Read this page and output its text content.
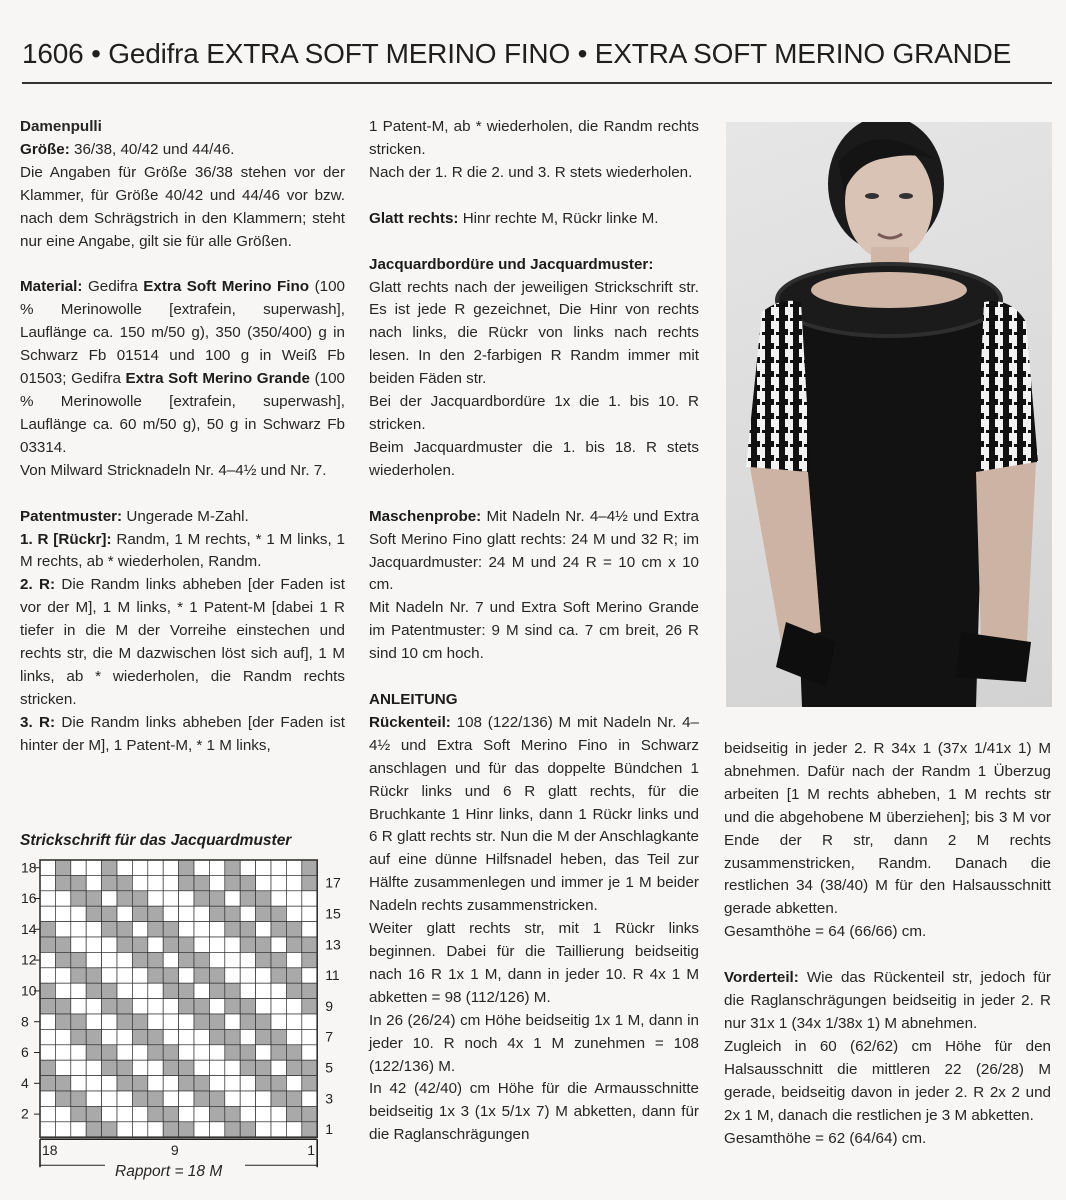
1606 • Gedifra EXTRA SOFT MERINO FINO • EXTRA SOFT MERINO GRANDE

Damenpulli

Größe: 36/38, 40/42 und 44/46.

Die Angaben für Größe 36/38 stehen vor der Klammer, für Größe 40/42 und 44/46 vor bzw. nach dem Schrägstrich in den Klammern; steht nur eine Angabe, gilt sie für alle Größen.

Material: Gedifra Extra Soft Merino Fino (100 % Merinowolle [extrafein, superwash], Lauflänge ca. 150 m/50 g), 350 (350/400) g in Schwarz Fb 01514 und 100 g in Weiß Fb 01503; Gedifra Extra Soft Merino Grande (100 % Merinowolle [extrafein, superwash], Lauflänge ca. 60 m/50 g), 50 g in Schwarz Fb 03314.

Von Milward Stricknadeln Nr. 4–4½ und Nr. 7.

Patentmuster: Ungerade M-Zahl.

1. R [Rückr]: Randm, 1 M rechts, * 1 M links, 1 M rechts, ab * wiederholen, Randm.

2. R: Die Randm links abheben [der Faden ist vor der M], 1 M links, * 1 Patent-M [dabei 1 R tiefer in die M der Vorreihe einstechen und rechts str, die M dazwischen löst sich auf], 1 M links, ab * wiederholen, die Randm rechts stricken.

3. R: Die Randm links abheben [der Faden ist hinter der M], 1 Patent-M, * 1 M links,

1 Patent-M, ab * wiederholen, die Randm rechts stricken.

Nach der 1. R die 2. und 3. R stets wiederholen.

Glatt rechts: Hinr rechte M, Rückr linke M.

Jacquardbordüre und Jacquardmuster:

Glatt rechts nach der jeweiligen Strickschrift str. Es ist jede R gezeichnet, Die Hinr von rechts nach links, die Rückr von links nach rechts lesen. In den 2-farbigen R Randm immer mit beiden Fäden str.

Bei der Jacquardbordüre 1x die 1. bis 10. R stricken.

Beim Jacquardmuster die 1. bis 18. R stets wiederholen.

Maschenprobe: Mit Nadeln Nr. 4–4½ und Extra Soft Merino Fino glatt rechts: 24 M und 32 R; im Jacquardmuster: 24 M und 24 R = 10 cm x 10 cm.

Mit Nadeln Nr. 7 und Extra Soft Merino Grande im Patentmuster: 9 M sind ca. 7 cm breit, 26 R sind 10 cm hoch.

ANLEITUNG

Rückenteil: 108 (122/136) M mit Nadeln Nr. 4–4½ und Extra Soft Merino Fino in Schwarz anschlagen und für das doppelte Bündchen 1 Rückr links und 6 R glatt rechts, für die Bruchkante 1 Hinr links, dann 1 Rückr links und 6 R glatt rechts str. Nun die M der Anschlagkante auf eine dünne Hilfsnadel heben, das Teil zur Hälfte zusammenlegen und immer je 1 M beider Nadeln rechts zusammenstricken.

Weiter glatt rechts str, mit 1 Rückr links beginnen. Dabei für die Taillierung beidseitig nach 16 R 1x 1 M, dann in jeder 10. R 4x 1 M abketten = 98 (112/126) M.

In 26 (26/24) cm Höhe beidseitig 1x 1 M, dann in jeder 10. R noch 4x 1 M zunehmen = 108 (122/136) M.

In 42 (42/40) cm Höhe für die Armausschnitte beidseitig 1x 3 (1x 5/1x 7) M abketten, dann für die Raglanschrägungen

beidseitig in jeder 2. R 34x 1 (37x 1/41x 1) M abnehmen. Dafür nach der Randm 1 Überzug arbeiten [1 M rechts abheben, 1 M rechts str und die abgehobene M überziehen]; bis 3 M vor Ende der R str, dann 2 M rechts zusammenstricken, Randm. Danach die restlichen 34 (38/40) M für den Halsausschnitt gerade abketten.

Gesamthöhe = 64 (66/66) cm.

Vorderteil: Wie das Rückenteil str, jedoch für die Raglanschrägungen beidseitig in jeder 2. R nur 31x 1 (34x 1/38x 1) M abnehmen.

Zugleich in 60 (62/62) cm Höhe für den Halsausschnitt die mittleren 22 (26/28) M gerade, beidseitig davon in jeder 2. R 2x 2 und 2x 1 M, danach die restlichen je 3 M abketten.

Gesamthöhe = 62 (64/64) cm.

Strickschrift für das Jacquardmuster
18
16
14
12
10
8
6
4
2
17
15
13
11
9
7
5
3
1
18	9	1
Rapport = 18 M
